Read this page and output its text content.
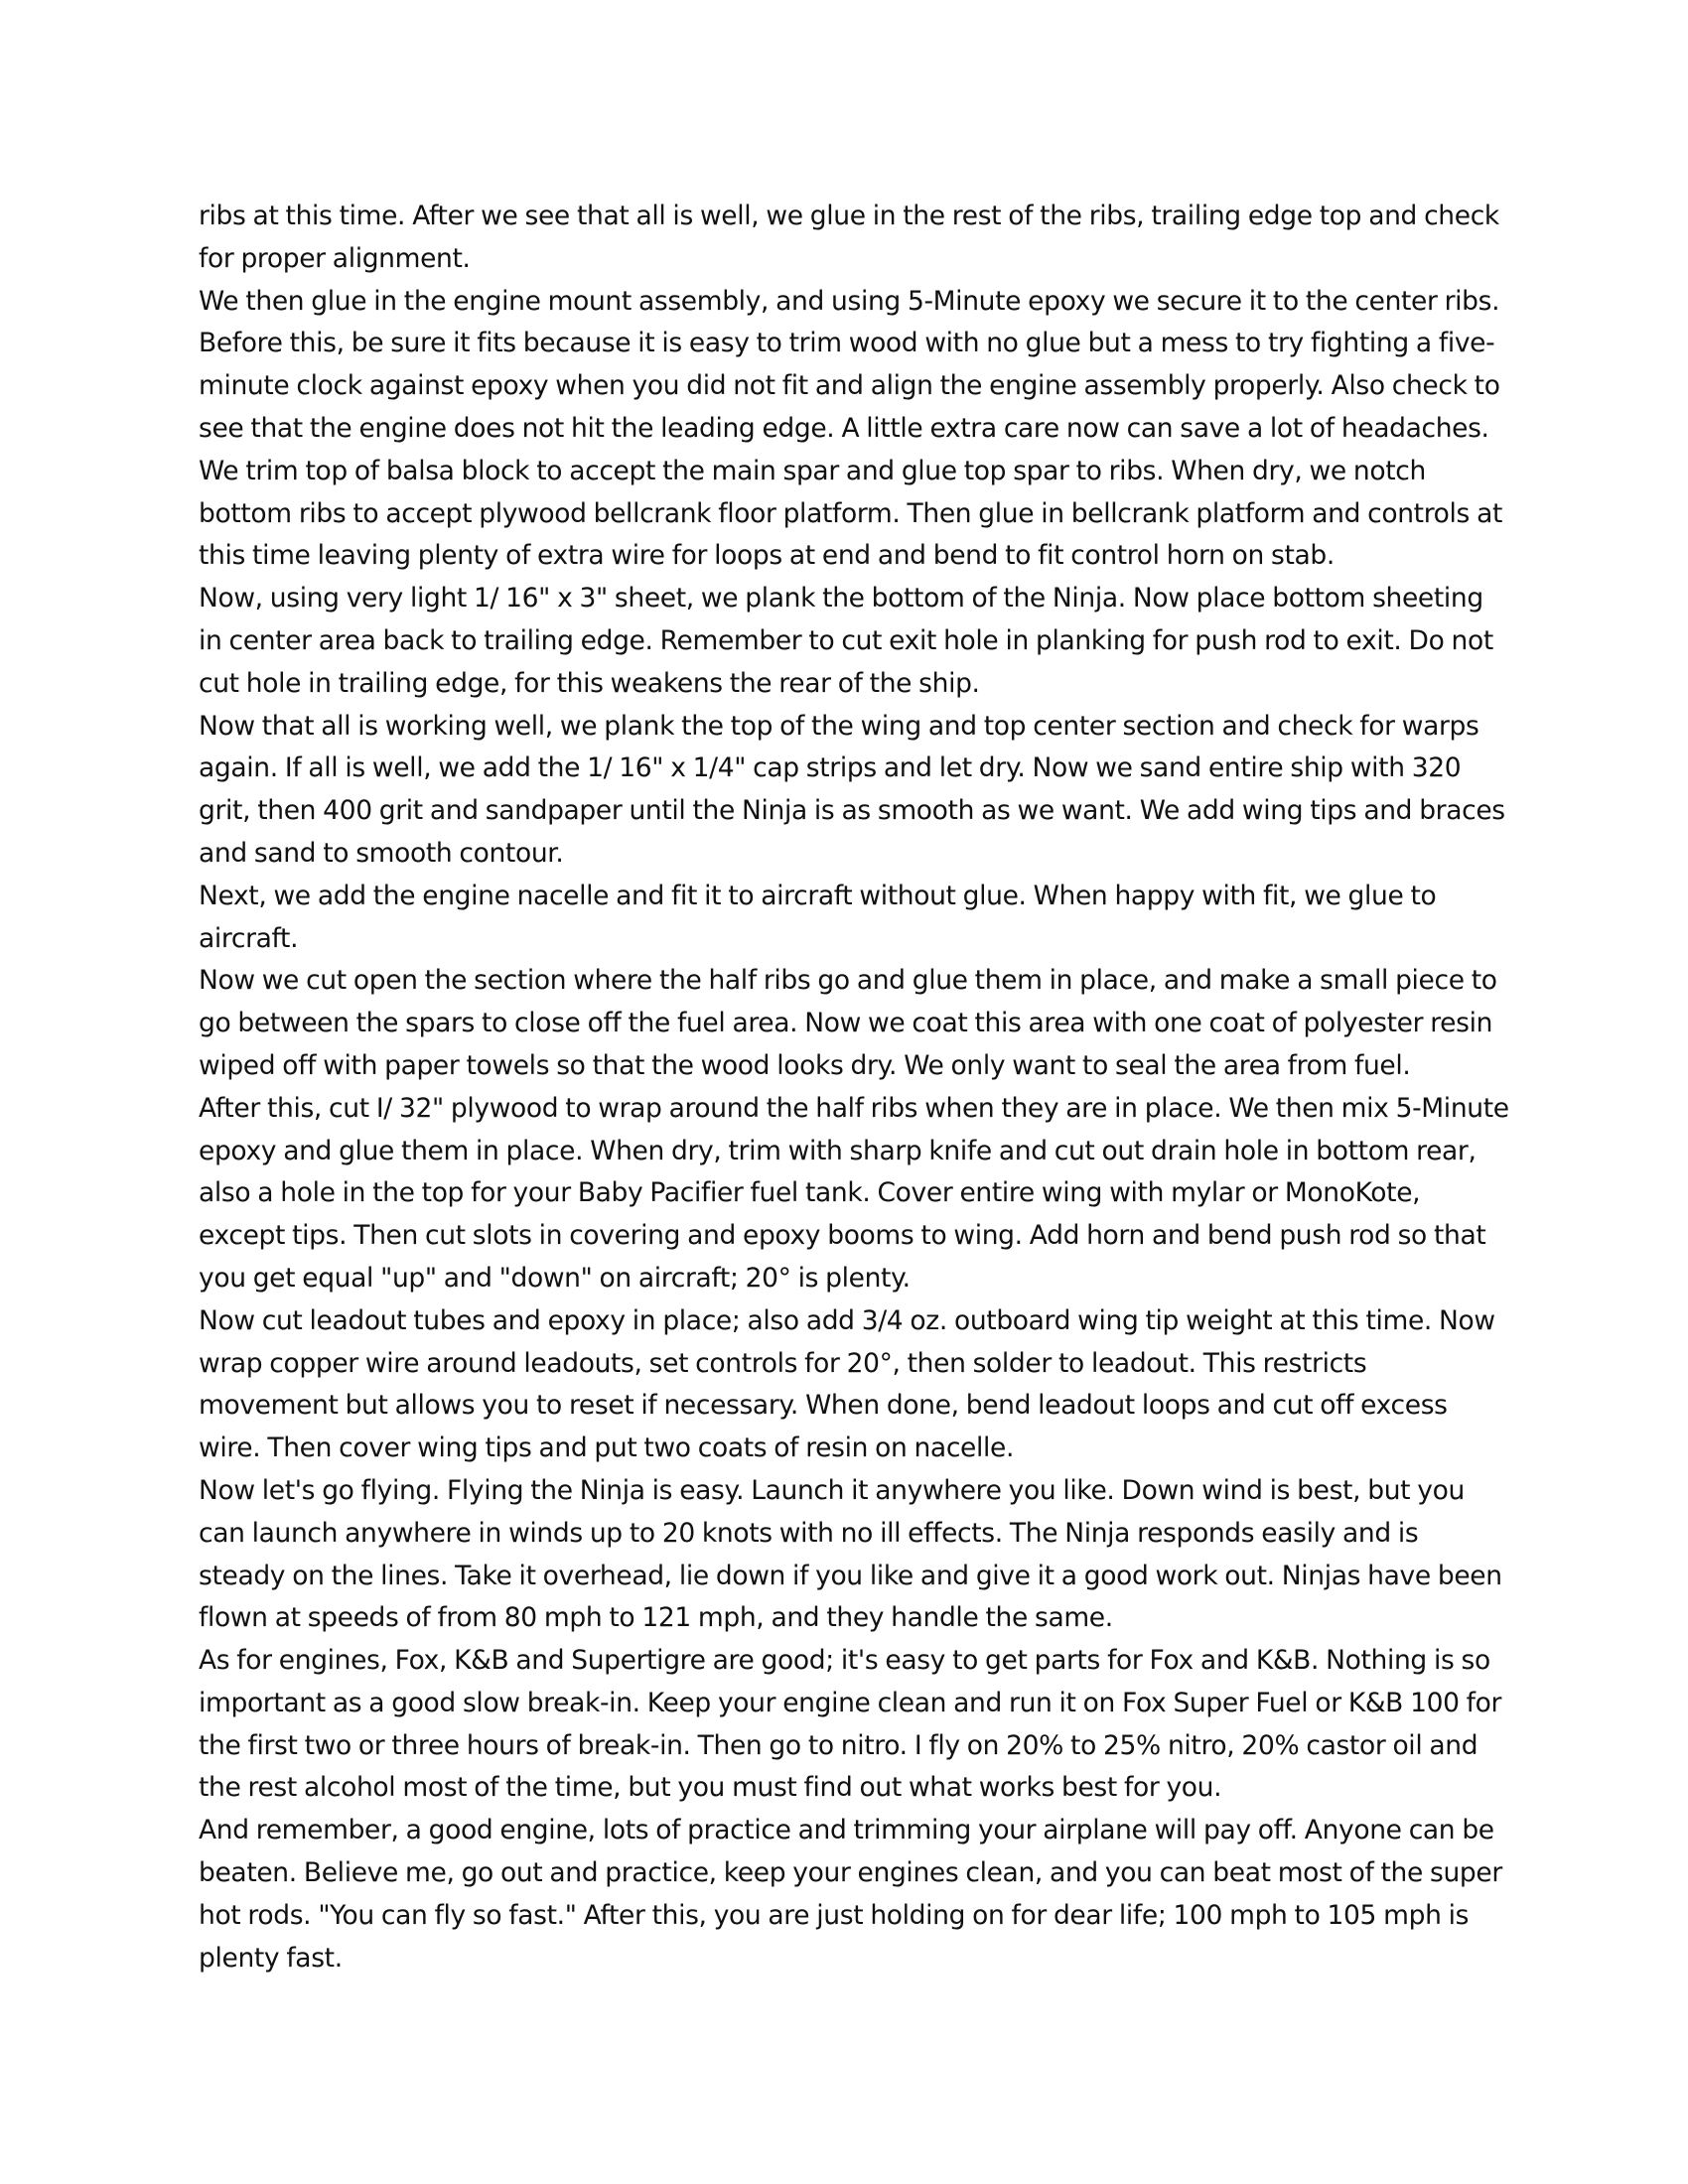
ribs at this time. After we see that all is well, we glue in the rest of the ribs, trailing edge top and check for proper alignment.

We then glue in the engine mount assembly, and using 5-Minute epoxy we secure it to the center ribs. Before this, be sure it fits because it is easy to trim wood with no glue but a mess to try fighting a five-minute clock against epoxy when you did not fit and align the engine assembly properly. Also check to see that the engine does not hit the leading edge. A little extra care now can save a lot of headaches.

We trim top of balsa block to accept the main spar and glue top spar to ribs. When dry, we notch bottom ribs to accept plywood bellcrank floor platform. Then glue in bellcrank platform and controls at this time leaving plenty of extra wire for loops at end and bend to fit control horn on stab.

Now, using very light 1/ 16" x 3" sheet, we plank the bottom of the Ninja. Now place bottom sheeting in center area back to trailing edge. Remember to cut exit hole in planking for push rod to exit. Do not cut hole in trailing edge, for this weakens the rear of the ship.

Now that all is working well, we plank the top of the wing and top center section and check for warps again. If all is well, we add the 1/ 16" x 1/4" cap strips and let dry. Now we sand entire ship with 320 grit, then 400 grit and sandpaper until the Ninja is as smooth as we want. We add wing tips and braces and sand to smooth contour.

Next, we add the engine nacelle and fit it to aircraft without glue. When happy with fit, we glue to aircraft.

Now we cut open the section where the half ribs go and glue them in place, and make a small piece to go between the spars to close off the fuel area. Now we coat this area with one coat of polyester resin wiped off with paper towels so that the wood looks dry. We only want to seal the area from fuel.

After this, cut I/ 32" plywood to wrap around the half ribs when they are in place. We then mix 5-Minute epoxy and glue them in place. When dry, trim with sharp knife and cut out drain hole in bottom rear, also a hole in the top for your Baby Pacifier fuel tank. Cover entire wing with mylar or MonoKote, except tips. Then cut slots in covering and epoxy booms to wing. Add horn and bend push rod so that you get equal "up" and "down" on aircraft; 20° is plenty.

Now cut leadout tubes and epoxy in place; also add 3/4 oz. outboard wing tip weight at this time. Now wrap copper wire around leadouts, set controls for 20°, then solder to leadout. This restricts movement but allows you to reset if necessary. When done, bend leadout loops and cut off excess wire. Then cover wing tips and put two coats of resin on nacelle.

Now let's go flying. Flying the Ninja is easy. Launch it anywhere you like. Down wind is best, but you can launch anywhere in winds up to 20 knots with no ill effects. The Ninja responds easily and is steady on the lines. Take it overhead, lie down if you like and give it a good work out. Ninjas have been flown at speeds of from 80 mph to 121 mph, and they handle the same.

As for engines, Fox, K&B and Supertigre are good; it's easy to get parts for Fox and K&B. Nothing is so important as a good slow break-in. Keep your engine clean and run it on Fox Super Fuel or K&B 100 for the first two or three hours of break-in. Then go to nitro. I fly on 20% to 25% nitro, 20% castor oil and the rest alcohol most of the time, but you must find out what works best for you.

And remember, a good engine, lots of practice and trimming your airplane will pay off. Anyone can be beaten. Believe me, go out and practice, keep your engines clean, and you can beat most of the super hot rods. "You can fly so fast." After this, you are just holding on for dear life; 100 mph to 105 mph is plenty fast.
